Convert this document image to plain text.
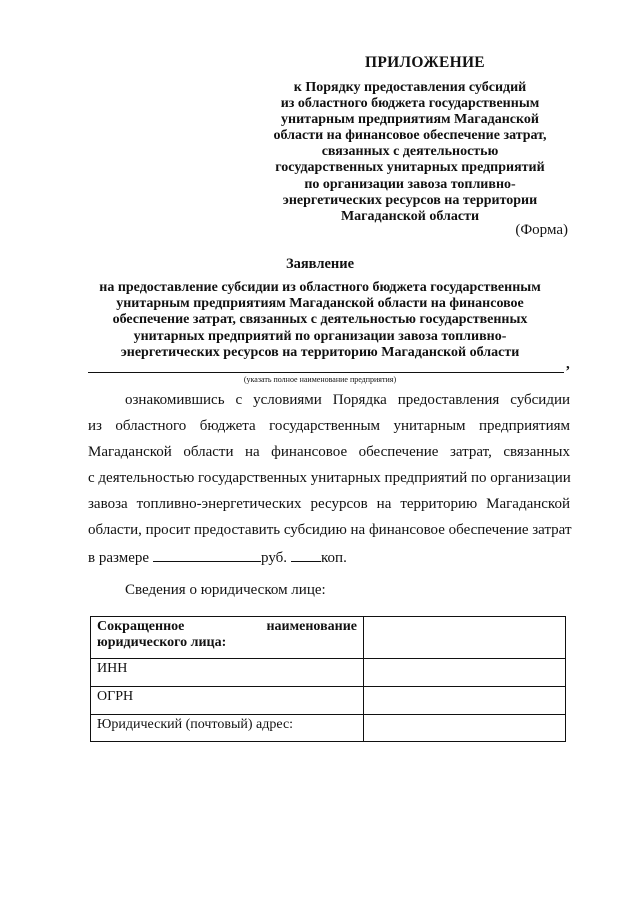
ПРИЛОЖЕНИЕ
к Порядку предоставления субсидий
из областного бюджета государственным
унитарным предприятиям Магаданской
области на финансовое обеспечение затрат,
связанных с деятельностью
государственных унитарных предприятий
по организации завоза топливно-
энергетических ресурсов на территории
Магаданской области
(Форма)
Заявление
на предоставление субсидии из областного бюджета государственным
унитарным предприятиям Магаданской области на финансовое
обеспечение затрат, связанных с деятельностью государственных
унитарных предприятий по организации завоза топливно-
энергетических ресурсов на территорию Магаданской области
,
(указать полное наименование предприятия)
ознакомившись с условиями Порядка предоставления субсидии
из областного бюджета государственным унитарным предприятиям
Магаданской области на финансовое обеспечение затрат, связанных
с деятельностью государственных унитарных предприятий по организации
завоза топливно-энергетических ресурсов на территорию Магаданской
области, просит предоставить субсидию на финансовое обеспечение затрат
в размере	руб. коп.
Сведения о юридическом лице:
Сокращенное наименование
юридического лица:	

ИНН	
ОГРН	
Юридический (почтовый) адрес:	
